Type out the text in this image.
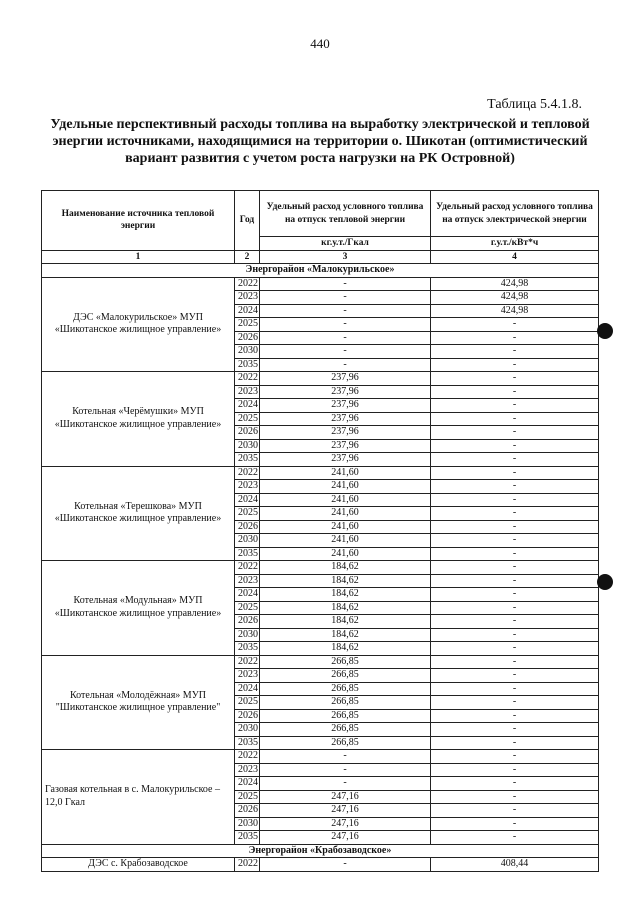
440
Таблица 5.4.1.8.
Удельные перспективный расходы топлива на выработку электрической и тепловой энергии источниками, находящимися на территории о. Шикотан (оптимистический вариант развития с учетом роста нагрузки на РК Островной)
Наименование источника тепловой энергии	Год	Удельный расход условного топлива на отпуск тепловой энергии	Удельный расход условного топлива на отпуск электрической энергии
		кг.у.т./Гкал	г.у.т./кВт*ч
1	2	3	4
Энергорайон «Малокурильское»			
ДЭС «Малокурильское» МУП «Шикотанское жилищное управление»	2022	-	424,98
	2023	-	424,98
	2024	-	424,98
	2025	-	-
	2026	-	-
	2030	-	-
	2035	-	-
Котельная «Черёмушки» МУП «Шикотанское жилищное управление»	2022	237,96	-
	2023	237,96	-
	2024	237,96	-
	2025	237,96	-
	2026	237,96	-
	2030	237,96	-
	2035	237,96	-
Котельная «Терешкова» МУП «Шикотанское жилищное управление»	2022	241,60	-
	2023	241,60	-
	2024	241,60	-
	2025	241,60	-
	2026	241,60	-
	2030	241,60	-
	2035	241,60	-
Котельная «Модульная» МУП «Шикотанское жилищное управление»	2022	184,62	-
	2023	184,62	-
	2024	184,62	-
	2025	184,62	-
	2026	184,62	-
	2030	184,62	-
	2035	184,62	-
Котельная «Молодёжная» МУП "Шикотанское жилищное управление"	2022	266,85	-
	2023	266,85	-
	2024	266,85	-
	2025	266,85	-
	2026	266,85	-
	2030	266,85	-
	2035	266,85	-
Газовая котельная в с. Малокурильское – 12,0 Гкал	2022	-	-
	2023	-	-
	2024	-	-
	2025	247,16	-
	2026	247,16	-
	2030	247,16	-
	2035	247,16	-
Энергорайон «Крабозаводское»			
ДЭС с. Крабозаводское	2022	-	408,44
